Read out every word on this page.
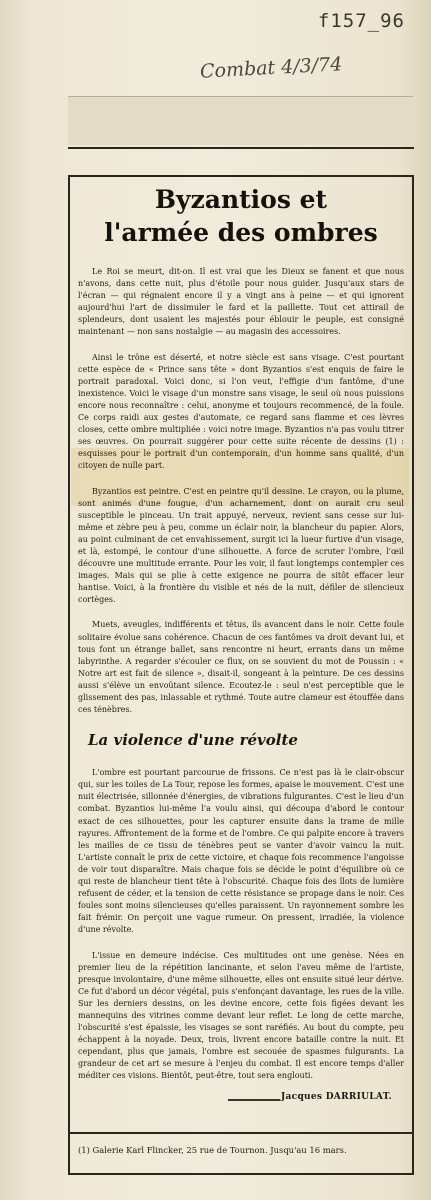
f157_96
Combat 4/3/74
Byzantios et
l'armée des ombres

Le Roi se meurt, dit-on. Il est vrai que les Dieux se fanent et que nous n'avons, dans cette nuit, plus d'étoile pour nous guider. Jusqu'aux stars de l'écran — qui régnaient encore il y a vingt ans à peine — et qui ignorent aujourd'hui l'art de dissimuler le fard et la paillette. Tout cet attirail de splendeurs, dont usaient les majestés pour éblouir le peuple, est consigné maintenant — non sans nostalgie — au magasin des accessoires.

Ainsi le trône est déserté, et notre siècle est sans visage. C'est pourtant cette espèce de « Prince sans tête » dont Byzantios s'est enquis de faire le portrait paradoxal. Voici donc, si l'on veut, l'effigie d'un fantôme, d'une inexistence. Voici le visage d'un monstre sans visage, le seul où nous puissions encore nous reconnaître : celui, anonyme et toujours recommencé, de la foule. Ce corps raidi aux gestes d'automate, ce regard sans flamme et ces lèvres closes, cette ombre multipliée : voici notre image. Byzantios n'a pas voulu titrer ses œuvres. On pourrait suggérer pour cette suite récente de dessins (1) : esquisses pour le portrait d'un contemporain, d'un homme sans qualité, d'un citoyen de nulle part.

Byzantios est peintre. C'est en peintre qu'il dessine. Le crayon, ou la plume, sont animés d'une fougue, d'un acharnement, dont on aurait cru seul susceptible le pinceau. Un trait appuyé, nerveux, revient sans cesse sur lui-même et zèbre peu à peu, comme un éclair noir, la blancheur du papier. Alors, au point culminant de cet envahissement, surgit ici la lueur furtive d'un visage, et là, estompé, le contour d'une silhouette. A force de scruter l'ombre, l'œil découvre une multitude errante. Pour les voir, il faut longtemps contempler ces images. Mais qui se plie à cette exigence ne pourra de sitôt effacer leur hantise. Voici, à la frontière du visible et nés de la nuit, défiler de silencieux cortèges.

Muets, aveugles, indifférents et têtus, ils avancent dans le noir. Cette foule solitaire évolue sans cohérence. Chacun de ces fantômes va droit devant lui, et tous font un étrange ballet, sans rencontre ni heurt, errants dans un même labyrinthe. A regarder s'écouler ce flux, on se souvient du mot de Poussin : « Notre art est fait de silence », disait-il, songeant à la peinture. De ces dessins aussi s'élève un envoûtant silence. Ecoutez-le : seul n'est perceptible que le glissement des pas, inlassable et rythmé. Toute autre clameur est étouffée dans ces ténèbres.

La violence d'une révolte

L'ombre est pourtant parcourue de frissons. Ce n'est pas là le clair-obscur qui, sur les toiles de La Tour, repose les formes, apaise le mouvement. C'est une nuit électrisée, sillonnée d'énergies, de vibrations fulgurantes. C'est le lieu d'un combat. Byzantios lui-même l'a voulu ainsi, qui découpa d'abord le contour exact de ces silhouettes, pour les capturer ensuite dans la trame de mille rayures. Affrontement de la forme et de l'ombre. Ce qui palpite encore à travers les mailles de ce tissu de ténèbres peut se vanter d'avoir vaincu la nuit. L'artiste connaît le prix de cette victoire, et chaque fois recommence l'angoisse de voir tout disparaître. Mais chaque fois se décide le point d'équilibre où ce qui reste de blancheur tient tête à l'obscurité. Chaque fois des îlots de lumière refusent de céder, et la tension de cette résistance se propage dans le noir. Ces foules sont moins silencieuses qu'elles paraissent. Un rayonnement sombre les fait frémir. On perçoit une vague rumeur. On pressent, irradiée, la violence d'une révolte.

L'issue en demeure indécise. Ces multitudes ont une genèse. Nées en premier lieu de la répétition lancinante, et selon l'aveu même de l'artiste, presque involontaire, d'une même silhouette, elles ont ensuite situé leur dérive. Ce fut d'abord un décor végétal, puis s'enfonçant davantage, les rues de la ville. Sur les derniers dessins, on les devine encore, cette fois figées devant les mannequins des vitrines comme devant leur reflet. Le long de cette marche, l'obscurité s'est épaissie, les visages se sont raréfiés. Au bout du compte, peu échappent à la noyade. Deux, trois, livrent encore bataille contre la nuit. Et cependant, plus que jamais, l'ombre est secouée de spasmes fulgurants. La grandeur de cet art se mesure à l'enjeu du combat. Il est encore temps d'aller méditer ces visions. Bientôt, peut-être, tout sera englouti.

Jacques DARRIULAT.
(1) Galerie Karl Flincker, 25 rue de Tournon. Jusqu'au 16 mars.
